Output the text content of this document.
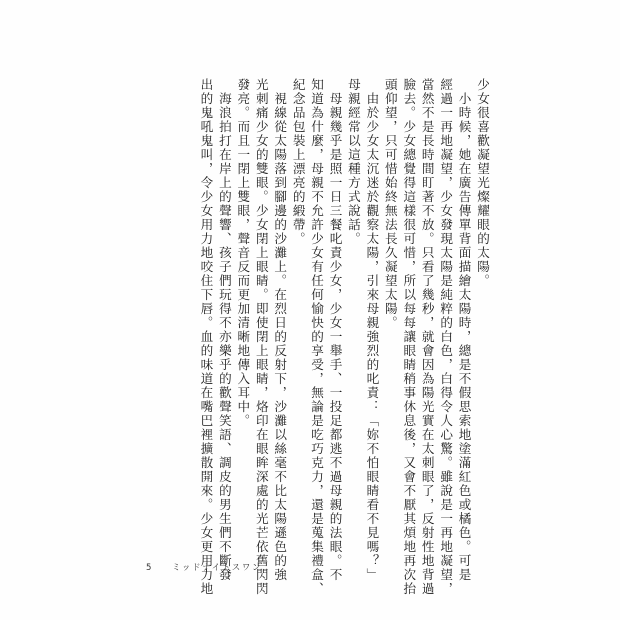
少女很喜歡凝望光燦耀眼的太陽。
　小時候，她在廣告傳單背面描繪太陽時，總是不假思索地塗滿紅色或橘色。可是
經過一再地凝望，少女發現太陽是純粹的白色，白得令人心驚。雖說是一再地凝望，
當然不是長時間盯著不放。只看了幾秒，就會因為陽光實在太刺眼了，反射性地背過
臉去。少女總覺得這樣很可惜，所以每每讓眼睛稍事休息後，又會不厭其煩地再次抬
頭仰望，只可惜始終無法長久凝望太陽。
　由於少女太沉迷於觀察太陽，引來母親強烈的叱責：「妳不怕眼睛看不見嗎？」
母親經常以這種方式說話。
　母親幾乎是照一日三餐叱責少女，少女一舉手、一投足都逃不過母親的法眼。不
知道為什麼，母親不允許少女有任何愉快的享受，無論是吃巧克力，還是蒐集禮盒、
紀念品包裝上漂亮的緞帶。
　視線從太陽落到腳邊的沙灘上。在烈日的反射下，沙灘以絲毫不比太陽遜色的強
光刺痛少女的雙眼。少女閉上眼睛。即使閉上眼睛，烙印在眼眸深處的光芒依舊閃閃
發亮。而且一閉上雙眼，聲音反而更加清晰地傳入耳中。
　海浪拍打在岸上的聲響、孩子們玩得不亦樂乎的歡聲笑語、調皮的男生們不斷發
出的鬼吼鬼叫，令少女用力地咬住下唇。血的味道在嘴巴裡擴散開來。少女更用力地
5	ミッドナイトスワン
